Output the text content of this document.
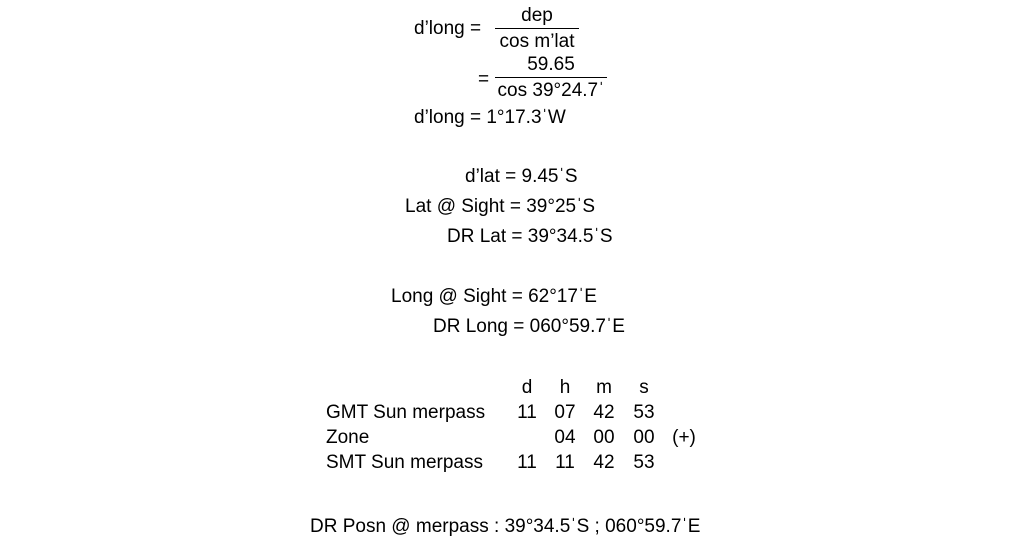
d’long =
dep
cos m’lat
=
59.65
cos 39°24.7ˈ
d’long = 1°17.3ˈW
d’lat = 9.45ˈS
Lat @ Sight = 39°25ˈS
DR Lat = 39°34.5ˈS
Long @ Sight = 62°17ˈE
DR Long = 060°59.7ˈE
	d	h	m	s	
GMT Sun merpass	11	07	42	53	
Zone		04	00	00	(+)
SMT Sun merpass	11	11	42	53	
DR Posn @ merpass : 39°34.5ˈS ; 060°59.7ˈE
